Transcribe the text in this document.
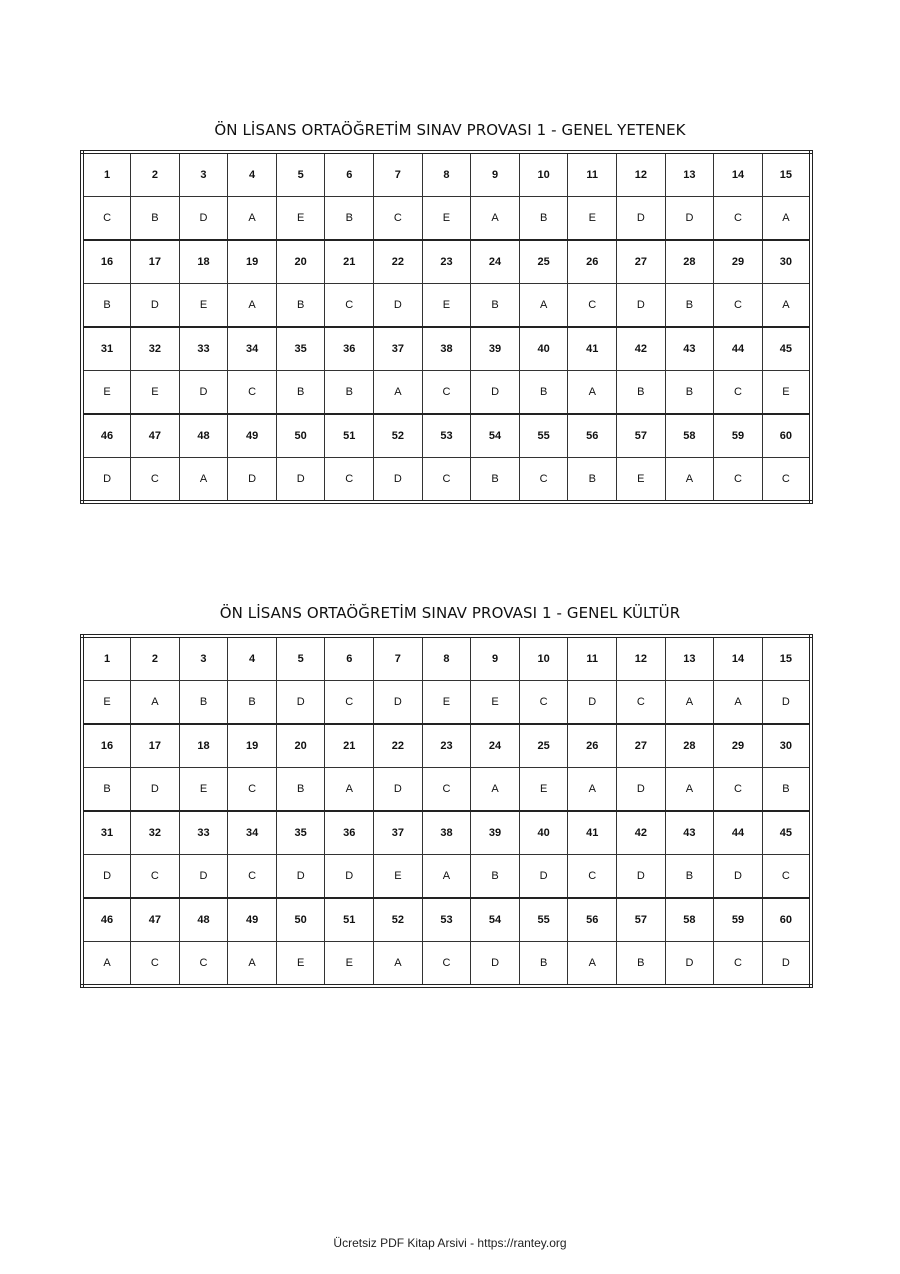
ÖN LİSANS ORTAÖĞRETİM SINAV PROVASI 1 - GENEL YETENEK
1	2	3	4	5	6	7	8	9	10	11	12	13	14	15
C	B	D	A	E	B	C	E	A	B	E	D	D	C	A
16	17	18	19	20	21	22	23	24	25	26	27	28	29	30
B	D	E	A	B	C	D	E	B	A	C	D	B	C	A
31	32	33	34	35	36	37	38	39	40	41	42	43	44	45
E	E	D	C	B	B	A	C	D	B	A	B	B	C	E
46	47	48	49	50	51	52	53	54	55	56	57	58	59	60
D	C	A	D	D	C	D	C	B	C	B	E	A	C	C
ÖN LİSANS ORTAÖĞRETİM SINAV PROVASI 1 - GENEL KÜLTÜR
1	2	3	4	5	6	7	8	9	10	11	12	13	14	15
E	A	B	B	D	C	D	E	E	C	D	C	A	A	D
16	17	18	19	20	21	22	23	24	25	26	27	28	29	30
B	D	E	C	B	A	D	C	A	E	A	D	A	C	B
31	32	33	34	35	36	37	38	39	40	41	42	43	44	45
D	C	D	C	D	D	E	A	B	D	C	D	B	D	C
46	47	48	49	50	51	52	53	54	55	56	57	58	59	60
A	C	C	A	E	E	A	C	D	B	A	B	D	C	D
Ücretsiz PDF Kitap Arsivi - https://rantey.org
